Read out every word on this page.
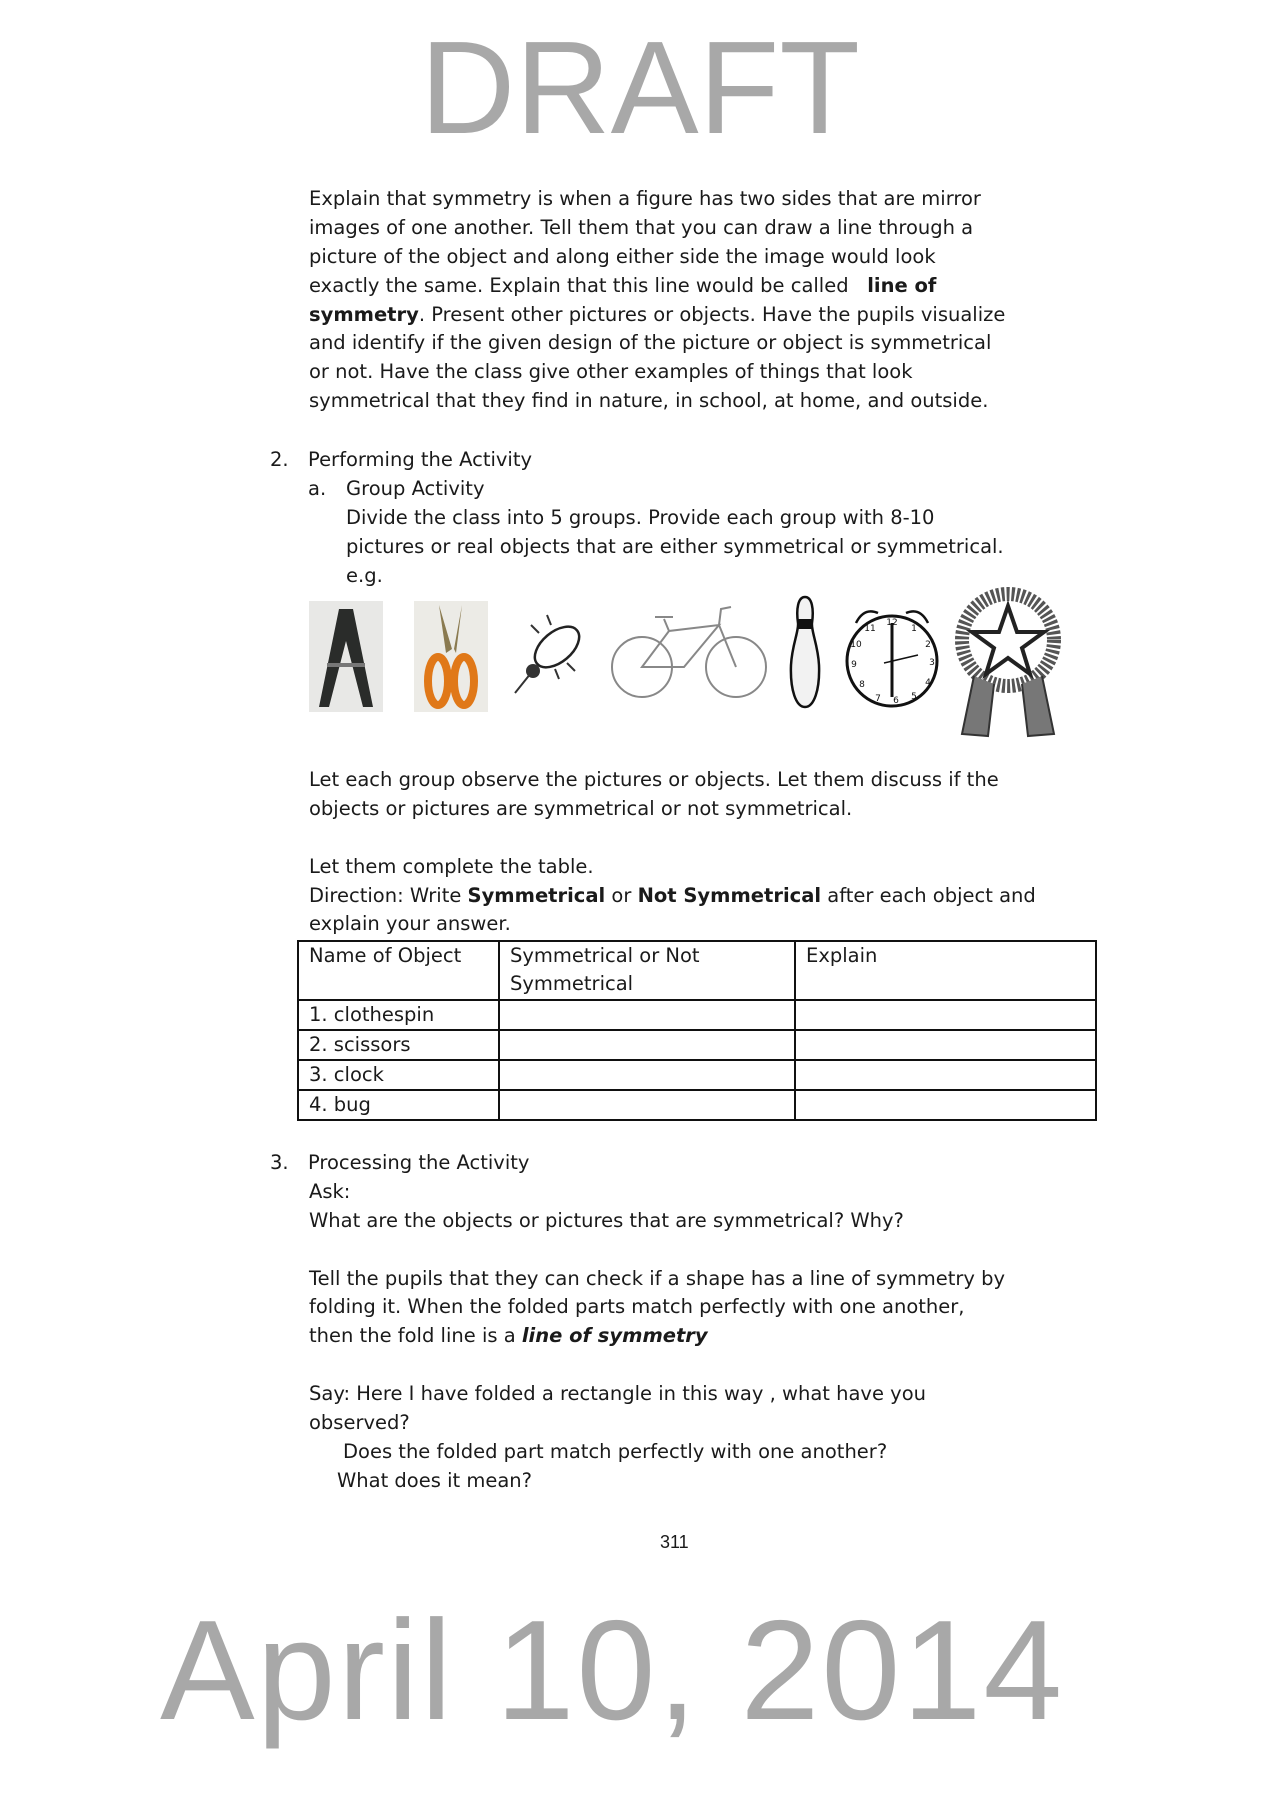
Explain that symmetry is when a figure has two sides that are mirror
images of one another. Tell them that you can draw a line through a
picture of the object and along either side the image would look
exactly the same. Explain that this line would be called   line of
symmetry. Present other pictures or objects. Have the pupils visualize
and identify if the given design of the picture or object is symmetrical
or not. Have the class give other examples of things that look
symmetrical that they find in nature, in school, at home, and outside.
2. Performing the Activity
a. Group Activity
Divide the class into 5 groups. Provide each group with 8-10
pictures or real objects that are either symmetrical or symmetrical.
e.g.
12
1
2
3
4
5
6
7
8
9
10
11
Let each group observe the pictures or objects. Let them discuss if the
objects or pictures are symmetrical or not symmetrical.
Let them complete the table.
Direction: Write Symmetrical or Not Symmetrical after each object and
explain your answer.
Name of Object	Symmetrical or Not Symmetrical	Explain
1. clothespin		
2. scissors		
3. clock		
4. bug		
3. Processing the Activity
Ask:
What are the objects or pictures that are symmetrical? Why?
Tell the pupils that they can check if a shape has a line of symmetry by
folding it. When the folded parts match perfectly with one another,
then the fold line is a line of symmetry
Say: Here I have folded a rectangle in this way , what have you
observed?
Does the folded part match perfectly with one another?
What does it mean?
DRAFT
April 10, 2014
311
